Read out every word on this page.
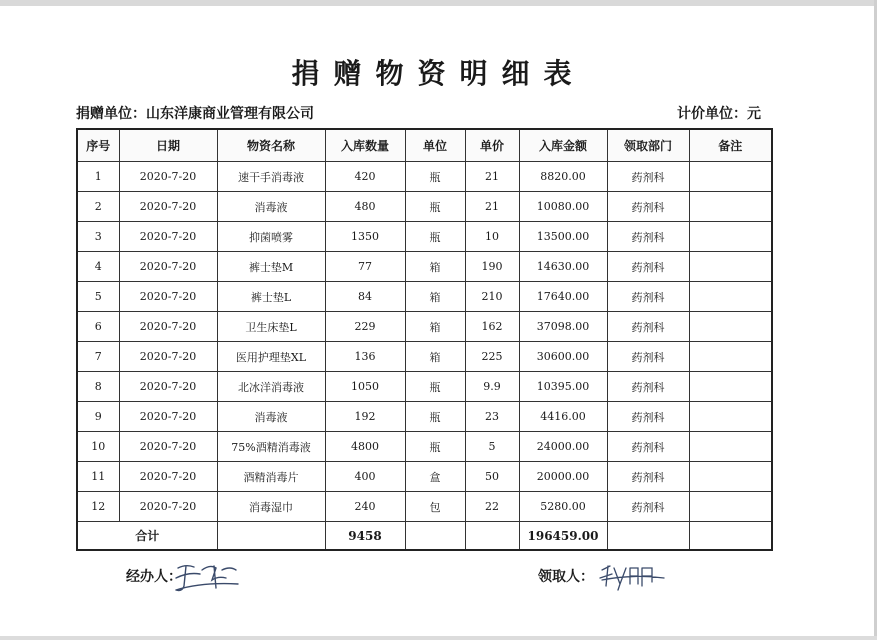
捐赠物资明细表
捐赠单位：山东洋康商业管理有限公司	计价单位：元
序号	日期	物资名称	入库数量	单位	单价	入库金额	领取部门	备注
1	2020-7-20	速干手消毒液	420	瓶	21	8820.00	药剂科	
2	2020-7-20	消毒液	480	瓶	21	10080.00	药剂科	
3	2020-7-20	抑菌喷雾	1350	瓶	10	13500.00	药剂科	
4	2020-7-20	裤士垫M	77	箱	190	14630.00	药剂科	
5	2020-7-20	裤士垫L	84	箱	210	17640.00	药剂科	
6	2020-7-20	卫生床垫L	229	箱	162	37098.00	药剂科	
7	2020-7-20	医用护理垫XL	136	箱	225	30600.00	药剂科	
8	2020-7-20	北冰洋消毒液	1050	瓶	9.9	10395.00	药剂科	
9	2020-7-20	消毒液	192	瓶	23	4416.00	药剂科	
10	2020-7-20	75%酒精消毒液	4800	瓶	5	24000.00	药剂科	
11	2020-7-20	酒精消毒片	400	盒	50	20000.00	药剂科	
12	2020-7-20	消毒湿巾	240	包	22	5280.00	药剂科	
合计			9458			196459.00		
经办人：	领取人：
